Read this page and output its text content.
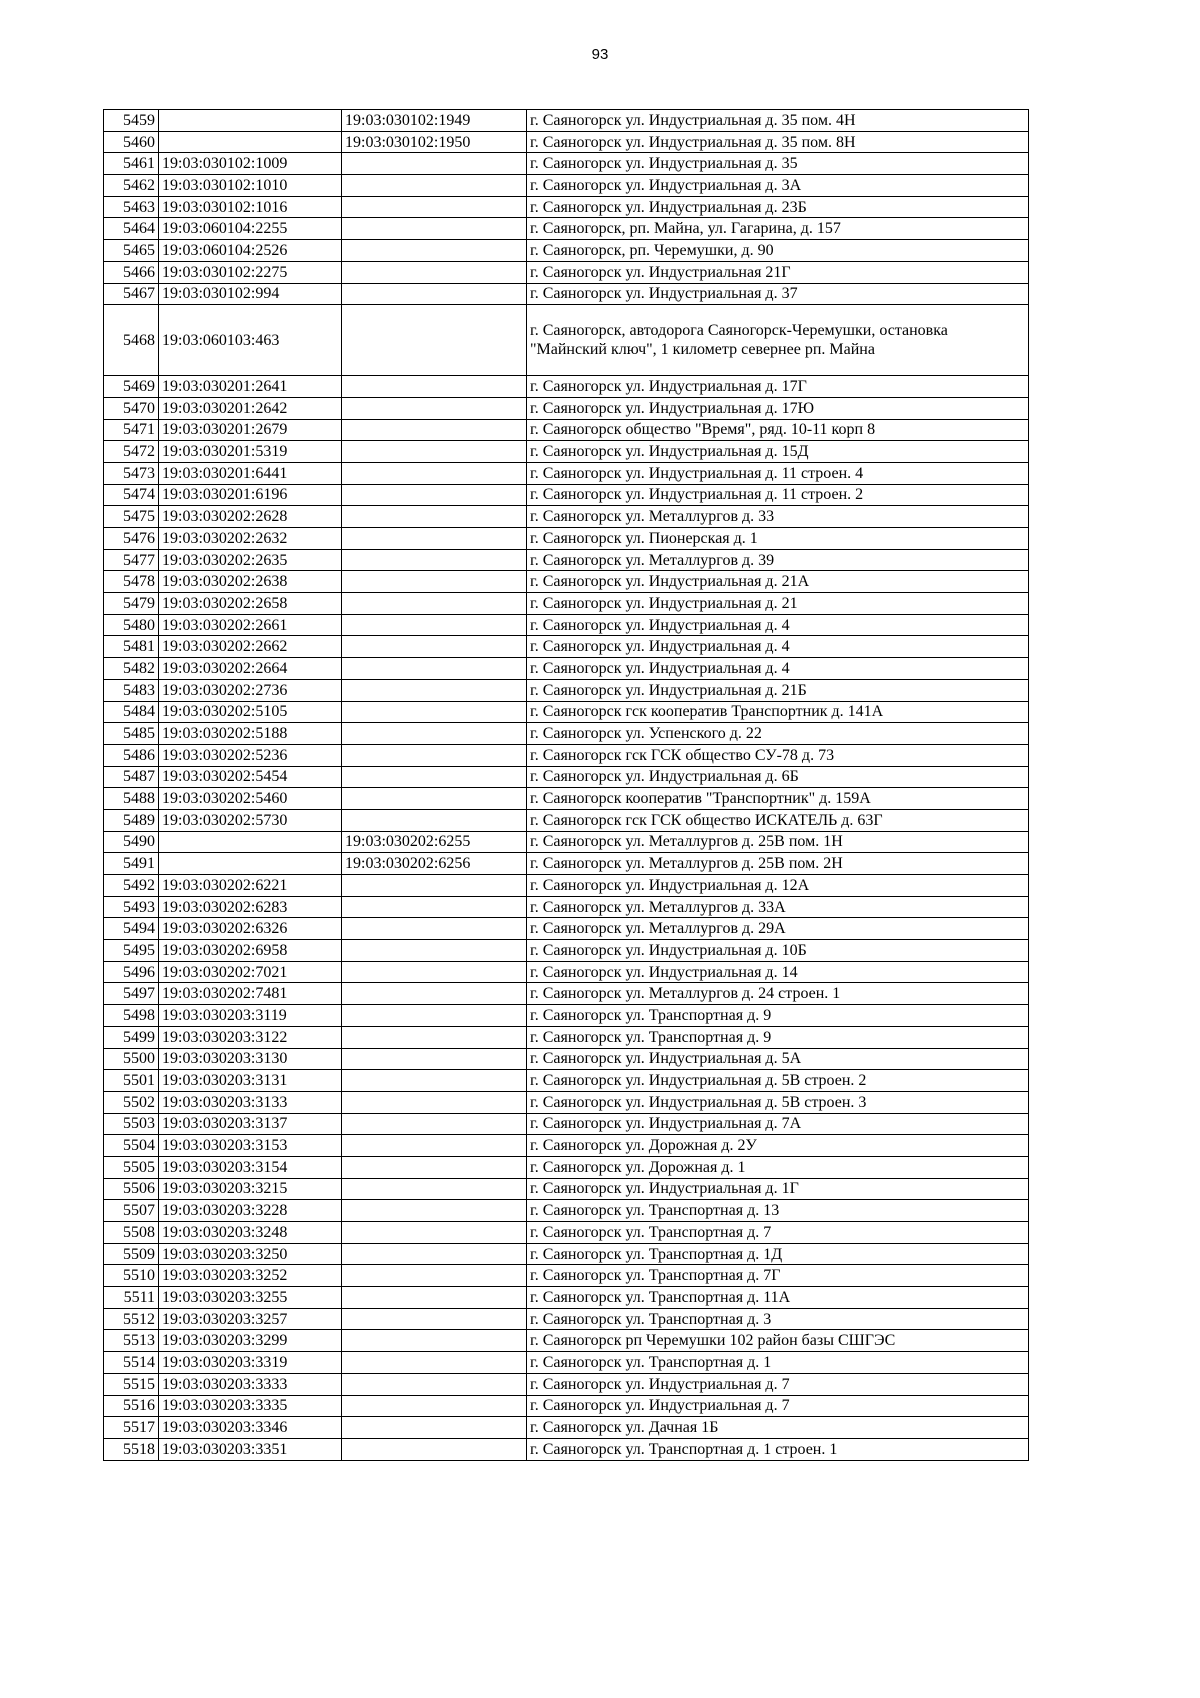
93
5459		19:03:030102:1949	г. Саяногорск ул. Индустриальная д. 35 пом. 4Н
5460		19:03:030102:1950	г. Саяногорск ул. Индустриальная д. 35 пом. 8Н
5461	19:03:030102:1009		г. Саяногорск ул. Индустриальная д. 35
5462	19:03:030102:1010		г. Саяногорск ул. Индустриальная д. 3А
5463	19:03:030102:1016		г. Саяногорск ул. Индустриальная д. 23Б
5464	19:03:060104:2255		г. Саяногорск, рп. Майна, ул. Гагарина, д. 157
5465	19:03:060104:2526		г. Саяногорск, рп. Черемушки, д. 90
5466	19:03:030102:2275		г. Саяногорск ул. Индустриальная 21Г
5467	19:03:030102:994		г. Саяногорск ул. Индустриальная д. 37
5468	19:03:060103:463		г. Саяногорск, автодорога Саяногорск-Черемушки, остановка "Майнский ключ", 1 километр севернее рп. Майна
5469	19:03:030201:2641		г. Саяногорск ул. Индустриальная д. 17Г
5470	19:03:030201:2642		г. Саяногорск ул. Индустриальная д. 17Ю
5471	19:03:030201:2679		г. Саяногорск общество "Время", ряд. 10-11 корп 8
5472	19:03:030201:5319		г. Саяногорск ул. Индустриальная д. 15Д
5473	19:03:030201:6441		г. Саяногорск ул. Индустриальная д. 11 строен. 4
5474	19:03:030201:6196		г. Саяногорск ул. Индустриальная д. 11 строен. 2
5475	19:03:030202:2628		г. Саяногорск ул. Металлургов д. 33
5476	19:03:030202:2632		г. Саяногорск ул. Пионерская д. 1
5477	19:03:030202:2635		г. Саяногорск ул. Металлургов д. 39
5478	19:03:030202:2638		г. Саяногорск ул. Индустриальная д. 21А
5479	19:03:030202:2658		г. Саяногорск ул. Индустриальная д. 21
5480	19:03:030202:2661		г. Саяногорск ул. Индустриальная д. 4
5481	19:03:030202:2662		г. Саяногорск ул. Индустриальная д. 4
5482	19:03:030202:2664		г. Саяногорск ул. Индустриальная д. 4
5483	19:03:030202:2736		г. Саяногорск ул. Индустриальная д. 21Б
5484	19:03:030202:5105		г. Саяногорск гск кооператив Транспортник д. 141А
5485	19:03:030202:5188		г. Саяногорск ул. Успенского д. 22
5486	19:03:030202:5236		г. Саяногорск гск ГСК общество СУ-78 д. 73
5487	19:03:030202:5454		г. Саяногорск ул. Индустриальная д. 6Б
5488	19:03:030202:5460		г. Саяногорск кооператив "Транспортник" д. 159А
5489	19:03:030202:5730		г. Саяногорск гск ГСК общество ИСКАТЕЛЬ д. 63Г
5490		19:03:030202:6255	г. Саяногорск ул. Металлургов д. 25В пом. 1Н
5491		19:03:030202:6256	г. Саяногорск ул. Металлургов д. 25В пом. 2Н
5492	19:03:030202:6221		г. Саяногорск ул. Индустриальная д. 12А
5493	19:03:030202:6283		г. Саяногорск ул. Металлургов д. 33А
5494	19:03:030202:6326		г. Саяногорск ул. Металлургов д. 29А
5495	19:03:030202:6958		г. Саяногорск ул. Индустриальная д. 10Б
5496	19:03:030202:7021		г. Саяногорск ул. Индустриальная д. 14
5497	19:03:030202:7481		г. Саяногорск ул. Металлургов д. 24 строен. 1
5498	19:03:030203:3119		г. Саяногорск ул. Транспортная д. 9
5499	19:03:030203:3122		г. Саяногорск ул. Транспортная д. 9
5500	19:03:030203:3130		г. Саяногорск ул. Индустриальная д. 5А
5501	19:03:030203:3131		г. Саяногорск ул. Индустриальная д. 5В строен. 2
5502	19:03:030203:3133		г. Саяногорск ул. Индустриальная д. 5В строен. 3
5503	19:03:030203:3137		г. Саяногорск ул. Индустриальная д. 7А
5504	19:03:030203:3153		г. Саяногорск ул. Дорожная д. 2У
5505	19:03:030203:3154		г. Саяногорск ул. Дорожная д. 1
5506	19:03:030203:3215		г. Саяногорск ул. Индустриальная д. 1Г
5507	19:03:030203:3228		г. Саяногорск ул. Транспортная д. 13
5508	19:03:030203:3248		г. Саяногорск ул. Транспортная д. 7
5509	19:03:030203:3250		г. Саяногорск ул. Транспортная д. 1Д
5510	19:03:030203:3252		г. Саяногорск ул. Транспортная д. 7Г
5511	19:03:030203:3255		г. Саяногорск ул. Транспортная д. 11А
5512	19:03:030203:3257		г. Саяногорск ул. Транспортная д. 3
5513	19:03:030203:3299		г. Саяногорск рп Черемушки 102 район базы СШГЭС
5514	19:03:030203:3319		г. Саяногорск ул. Транспортная д. 1
5515	19:03:030203:3333		г. Саяногорск ул. Индустриальная д. 7
5516	19:03:030203:3335		г. Саяногорск ул. Индустриальная д. 7
5517	19:03:030203:3346		г. Саяногорск ул. Дачная 1Б
5518	19:03:030203:3351		г. Саяногорск ул. Транспортная д. 1 строен. 1
